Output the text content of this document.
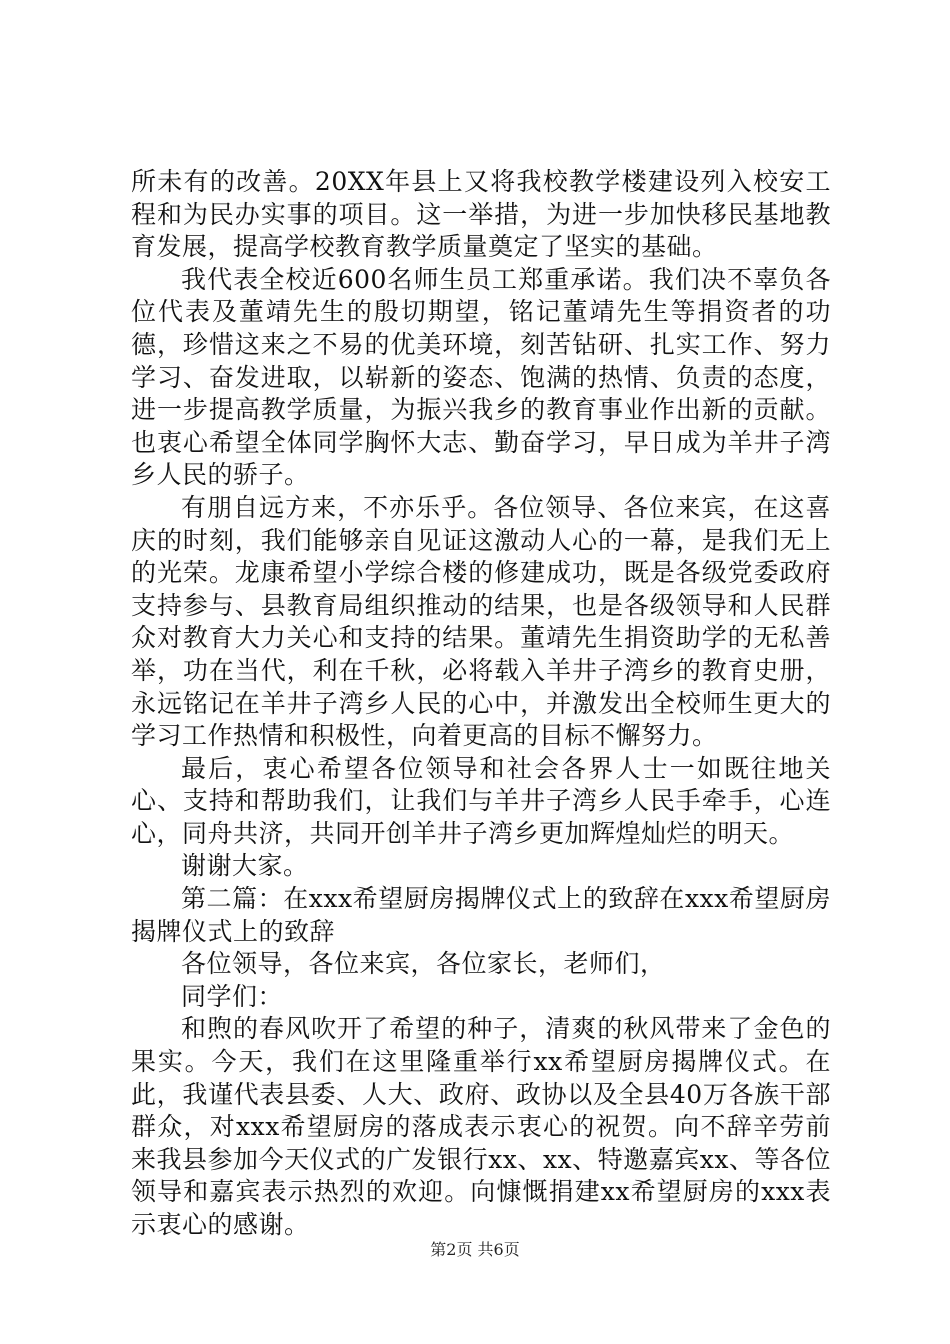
所未有的改善。20XX年县上又将我校教学楼建设列入校安工程和为民办实事的项目。这一举措，为进一步加快移民基地教育发展，提高学校教育教学质量奠定了坚实的基础。

我代表全校近600名师生员工郑重承诺。我们决不辜负各位代表及董靖先生的殷切期望，铭记董靖先生等捐资者的功德，珍惜这来之不易的优美环境，刻苦钻研、扎实工作、努力学习、奋发进取，以崭新的姿态、饱满的热情、负责的态度，进一步提高教学质量，为振兴我乡的教育事业作出新的贡献。也衷心希望全体同学胸怀大志、勤奋学习，早日成为羊井子湾乡人民的骄子。

有朋自远方来，不亦乐乎。各位领导、各位来宾，在这喜庆的时刻，我们能够亲自见证这激动人心的一幕，是我们无上的光荣。龙康希望小学综合楼的修建成功，既是各级党委政府支持参与、县教育局组织推动的结果，也是各级领导和人民群众对教育大力关心和支持的结果。董靖先生捐资助学的无私善举，功在当代，利在千秋，必将载入羊井子湾乡的教育史册，永远铭记在羊井子湾乡人民的心中，并激发出全校师生更大的学习工作热情和积极性，向着更高的目标不懈努力。

最后，衷心希望各位领导和社会各界人士一如既往地关心、支持和帮助我们，让我们与羊井子湾乡人民手牵手，心连心，同舟共济，共同开创羊井子湾乡更加辉煌灿烂的明天。

谢谢大家。

第二篇：在xxx希望厨房揭牌仪式上的致辞在xxx希望厨房揭牌仪式上的致辞

各位领导，各位来宾，各位家长，老师们，

同学们：

和煦的春风吹开了希望的种子，清爽的秋风带来了金色的果实。今天，我们在这里隆重举行xx希望厨房揭牌仪式。在此，我谨代表县委、人大、政府、政协以及全县40万各族干部群众，对xxx希望厨房的落成表示衷心的祝贺。向不辞辛劳前来我县参加今天仪式的广发银行xx、xx、特邀嘉宾xx、等各位领导和嘉宾表示热烈的欢迎。向慷慨捐建xx希望厨房的xxx表示衷心的感谢。

第2页 共6页
